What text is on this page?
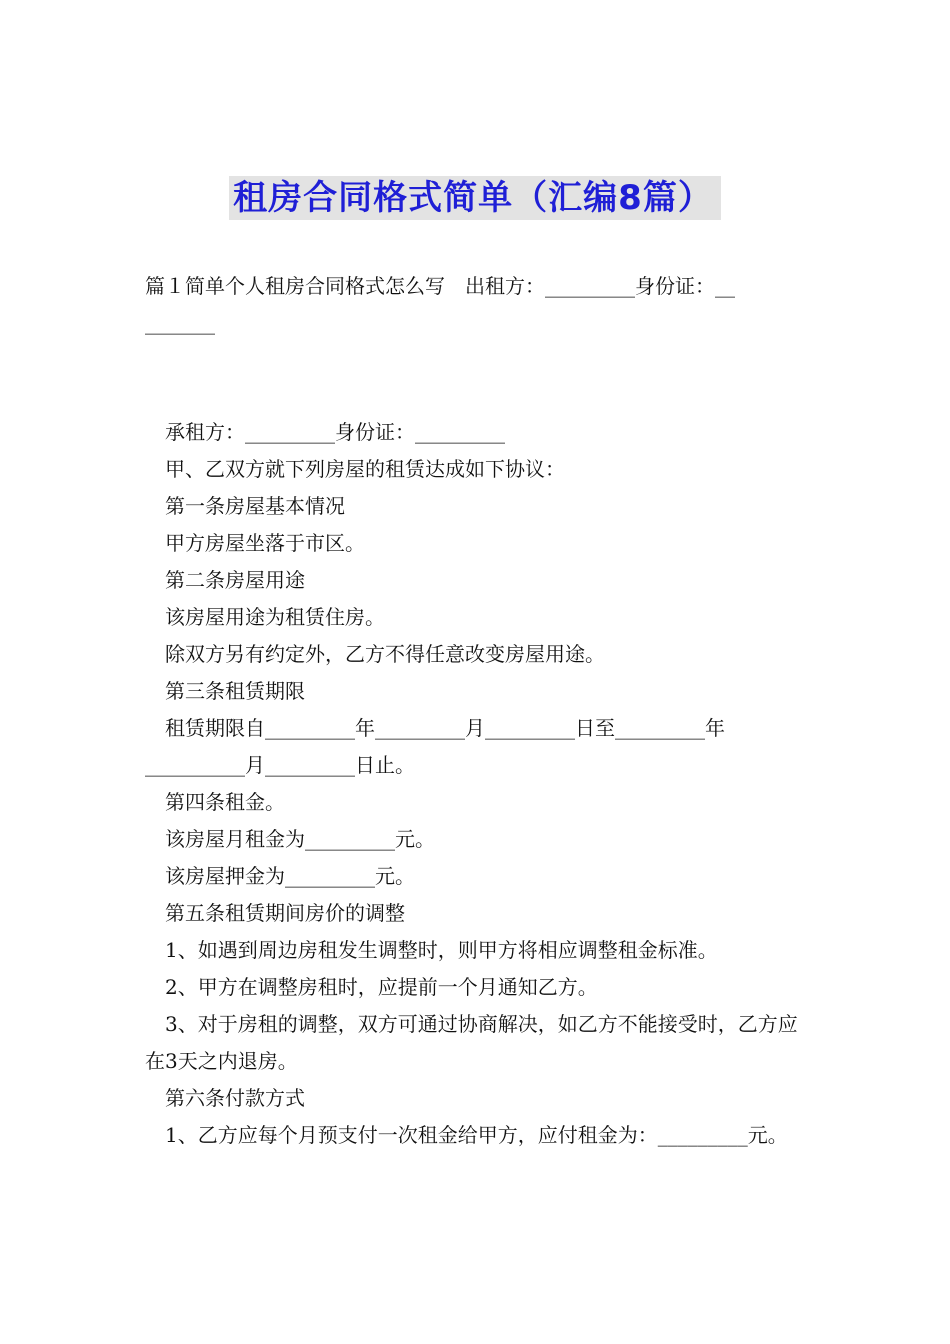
租房合同格式简单（汇编8篇）

篇１简单个人租房合同格式怎么写　出租方：_________身份证：__

_______

承租方：_________身份证：_________

甲、乙双方就下列房屋的租赁达成如下协议：

第一条房屋基本情况

甲方房屋坐落于市区。

第二条房屋用途

该房屋用途为租赁住房。

除双方另有约定外，乙方不得任意改变房屋用途。

第三条租赁期限

租赁期限自_________年_________月_________日至_________年__________月_________日止。

第四条租金。

该房屋月租金为_________元。

该房屋押金为_________元。

第五条租赁期间房价的调整

1、如遇到周边房租发生调整时，则甲方将相应调整租金标准。

2、甲方在调整房租时，应提前一个月通知乙方。

3、对于房租的调整，双方可通过协商解决，如乙方不能接受时，乙方应在3天之内退房。

第六条付款方式

1、乙方应每个月预支付一次租金给甲方，应付租金为：_________元。
